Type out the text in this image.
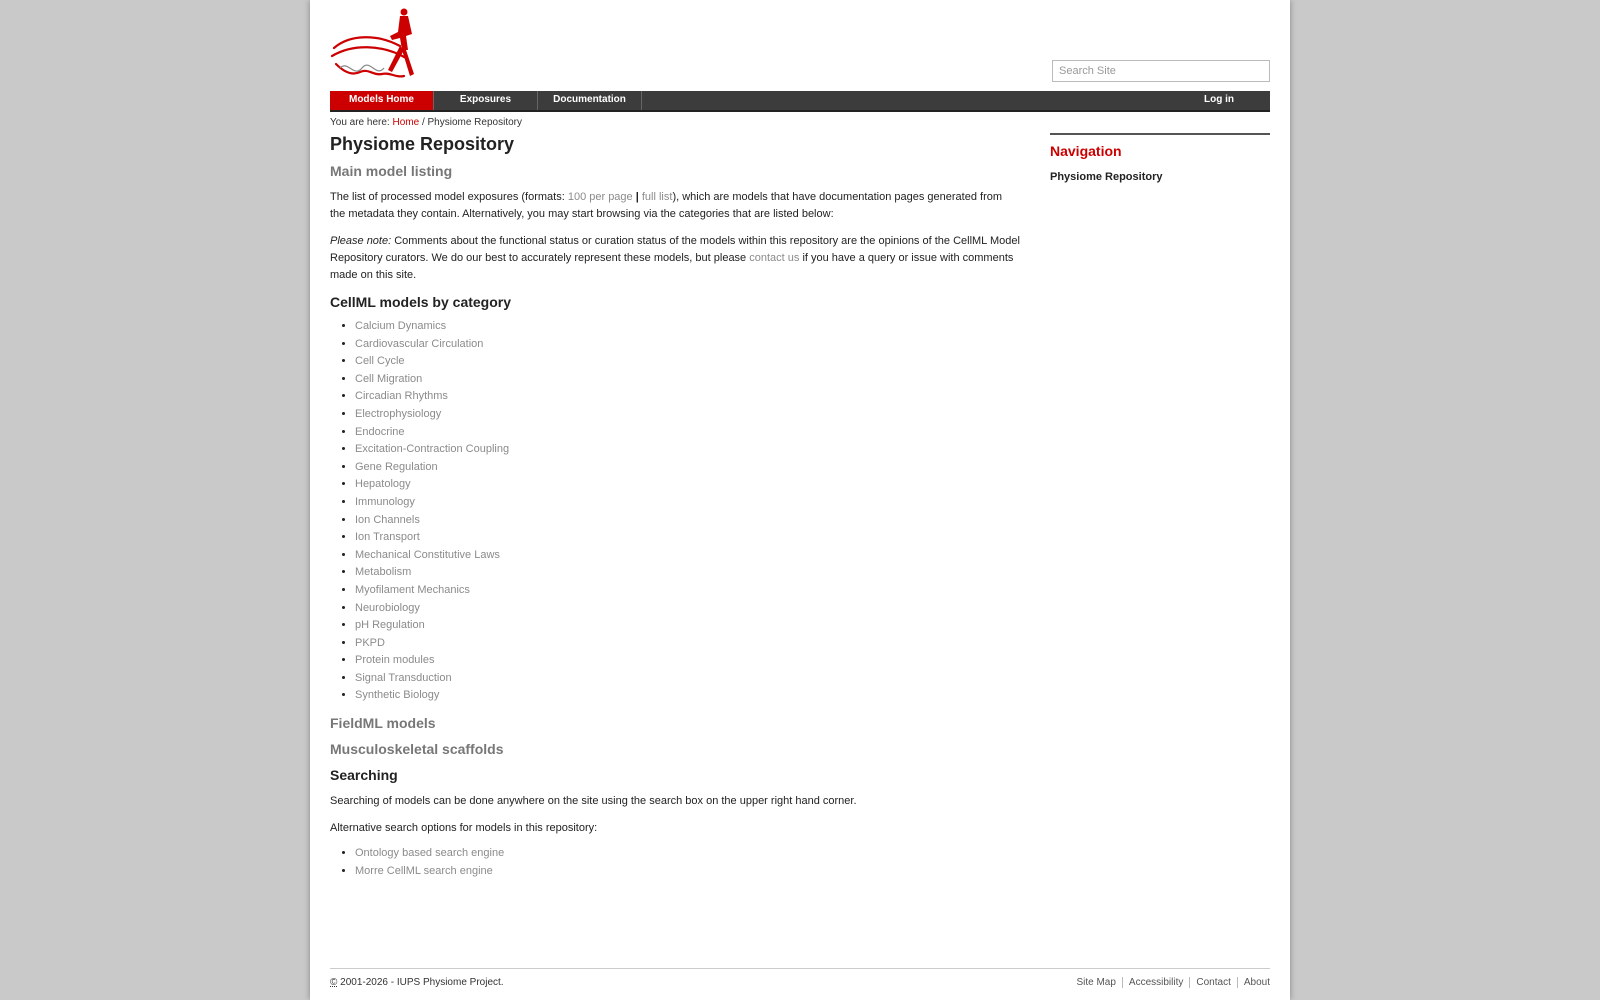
Search Site
Models Home	Exposures	Documentation	Log in
You are here: Home / Physiome Repository
Physiome Repository
Main model listing

The list of processed model exposures (formats: 100 per page | full list), which are models that have documentation pages generated from the metadata they contain. Alternatively, you may start browsing via the categories that are listed below:

Please note: Comments about the functional status or curation status of the models within this repository are the opinions of the CellML Model Repository curators. We do our best to accurately represent these models, but please contact us if you have a query or issue with comments made on this site.

CellML models by category
• Calcium Dynamics
• Cardiovascular Circulation
• Cell Cycle
• Cell Migration
• Circadian Rhythms
• Electrophysiology
• Endocrine
• Excitation-Contraction Coupling
• Gene Regulation
• Hepatology
• Immunology
• Ion Channels
• Ion Transport
• Mechanical Constitutive Laws
• Metabolism
• Myofilament Mechanics
• Neurobiology
• pH Regulation
• PKPD
• Protein modules
• Signal Transduction
• Synthetic Biology
FieldML models
Musculoskeletal scaffolds
Searching

Searching of models can be done anywhere on the site using the search box on the upper right hand corner.

Alternative search options for models in this repository:

• Ontology based search engine
• Morre CellML search engine
Navigation
Physiome Repository
© 2001-2026 - IUPS Physiome Project.	Site Map Accessibility Contact About
